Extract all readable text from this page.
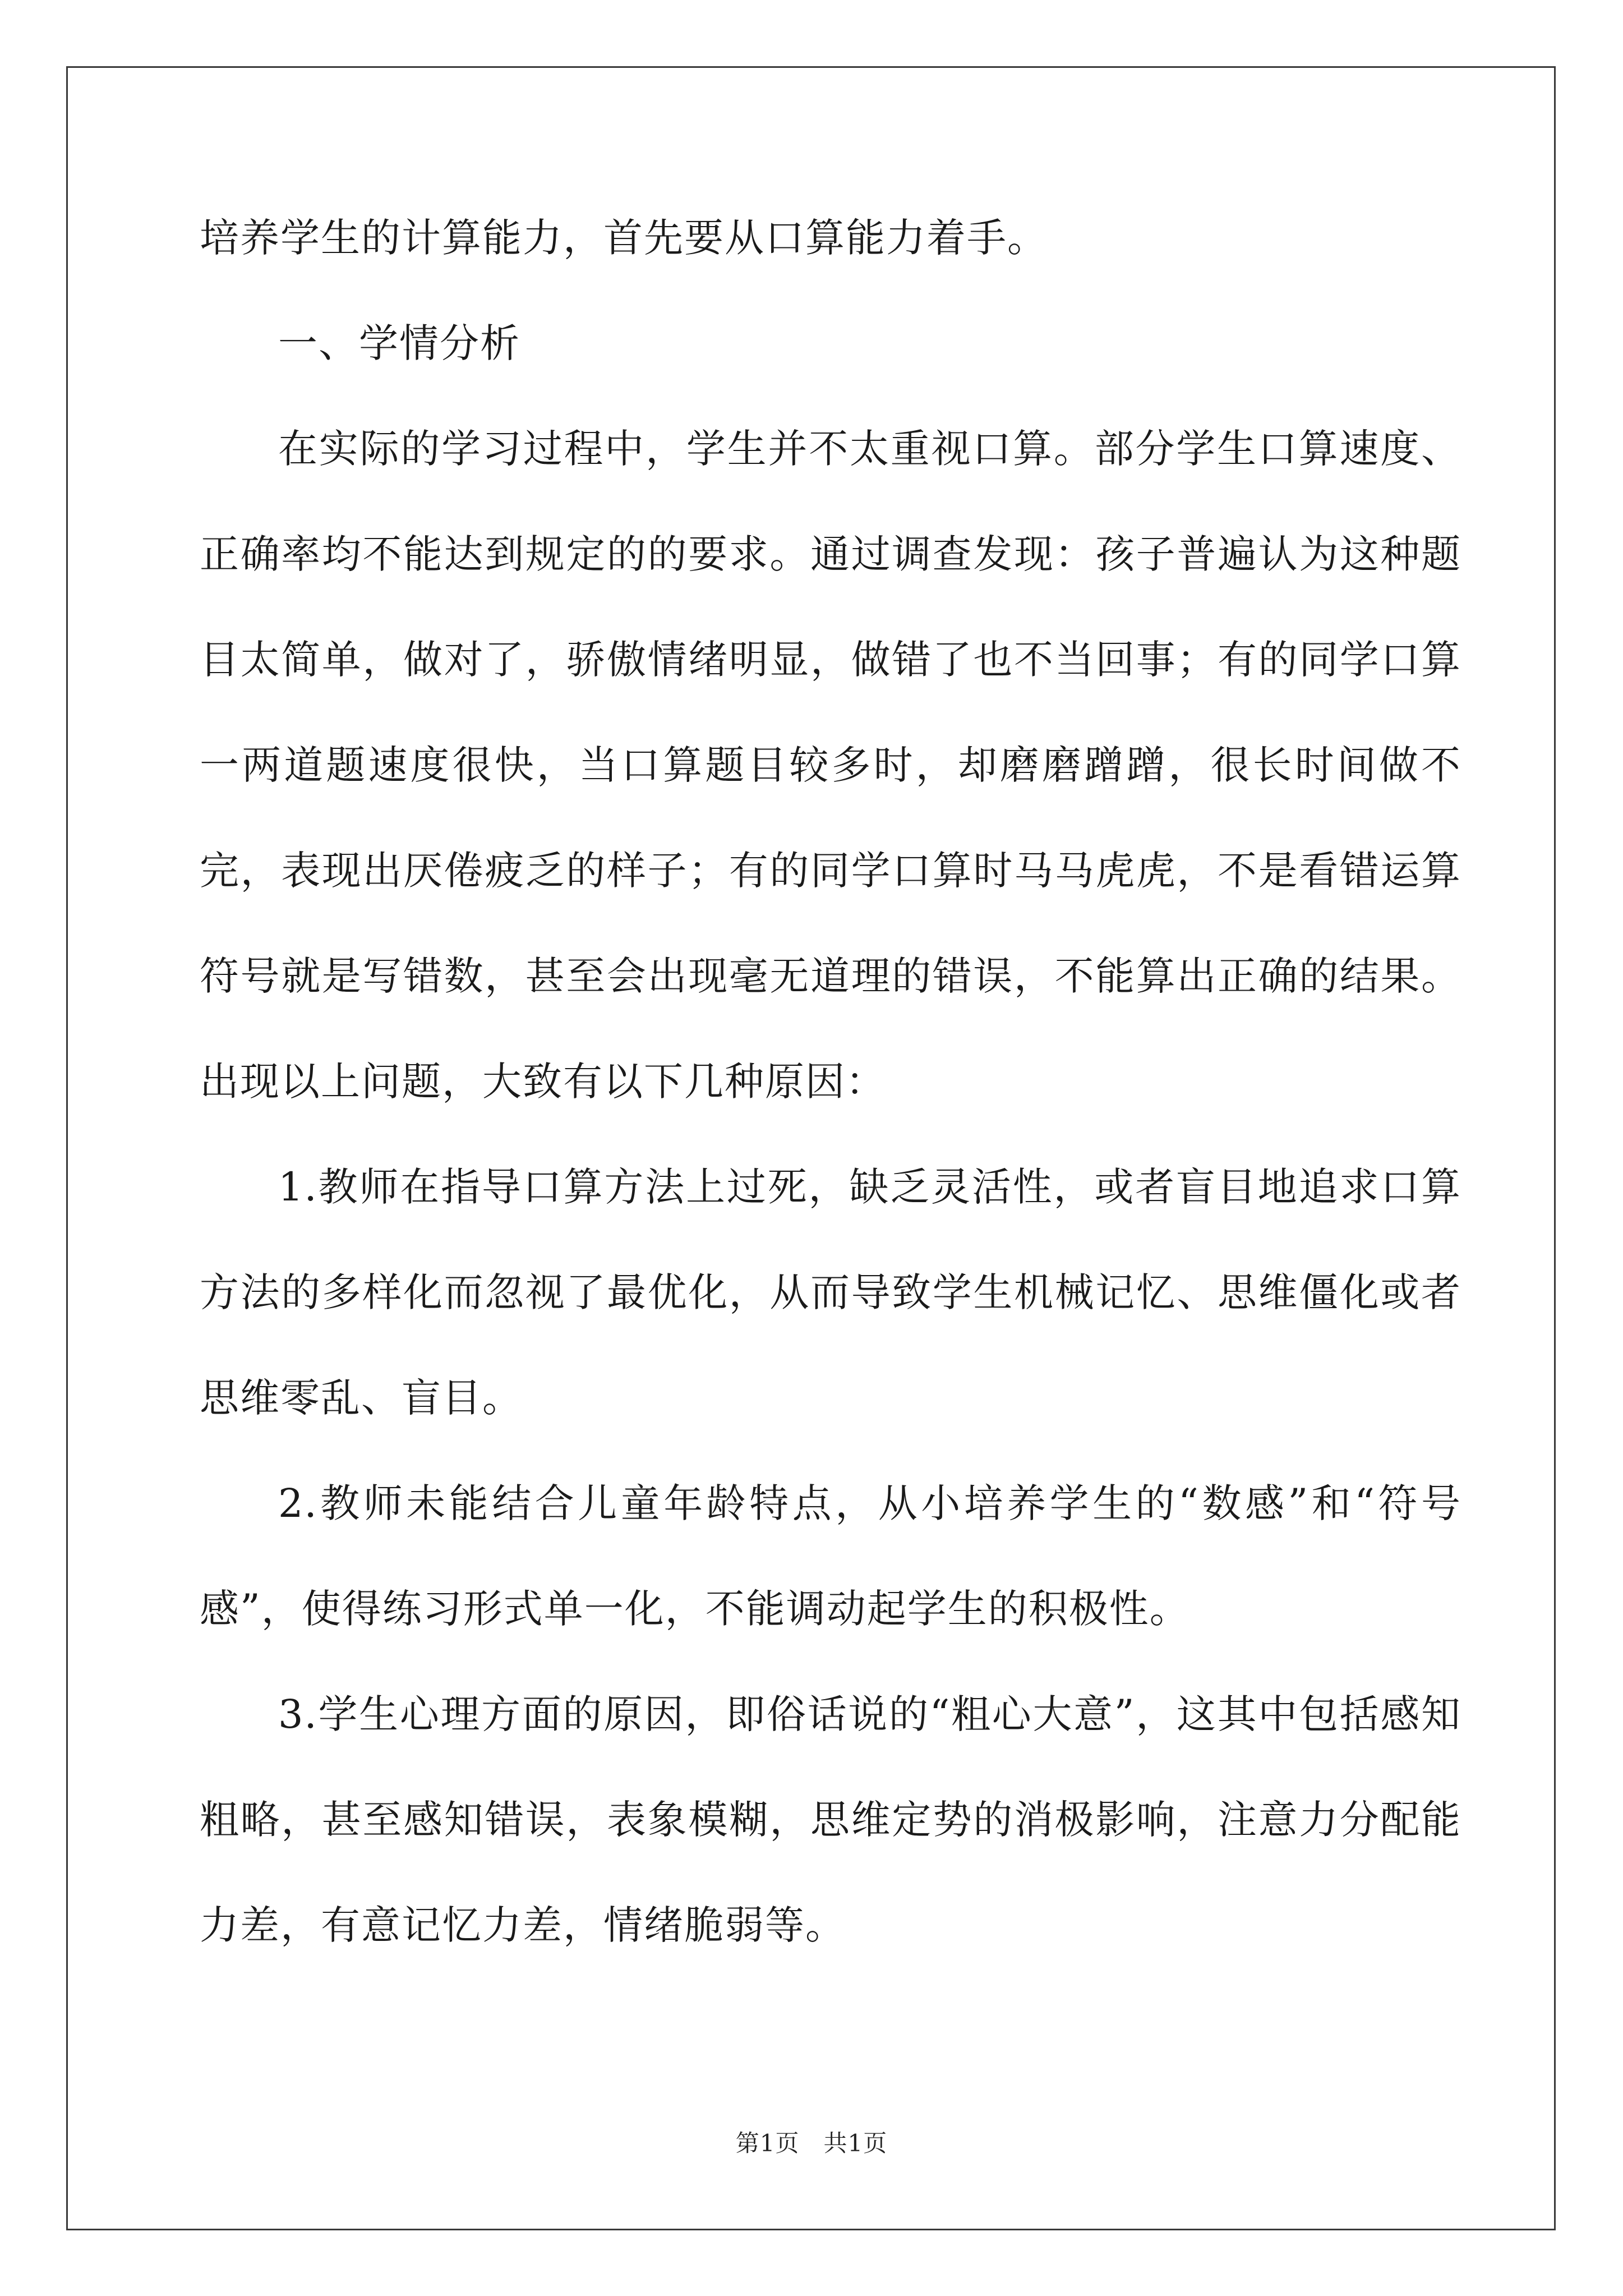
培养学生的计算能力，首先要从口算能力着手。

一、学情分析

在实际的学习过程中，学生并不太重视口算。部分学生口算速度、正确率均不能达到规定的的要求。通过调查发现：孩子普遍认为这种题目太简单，做对了，骄傲情绪明显，做错了也不当回事；有的同学口算一两道题速度很快，当口算题目较多时，却磨磨蹭蹭，很长时间做不完，表现出厌倦疲乏的样子；有的同学口算时马马虎虎，不是看错运算符号就是写错数，甚至会出现毫无道理的错误，不能算出正确的结果。出现以上问题，大致有以下几种原因：

1.教师在指导口算方法上过死，缺乏灵活性，或者盲目地追求口算方法的多样化而忽视了最优化，从而导致学生机械记忆、思维僵化或者思维零乱、盲目。

2.教师未能结合儿童年龄特点，从小培养学生的“数感”和“符号感”，使得练习形式单一化，不能调动起学生的积极性。

3.学生心理方面的原因，即俗话说的“粗心大意”，这其中包括感知粗略，甚至感知错误，表象模糊，思维定势的消极影响，注意力分配能力差，有意记忆力差，情绪脆弱等。

第1页 共1页
